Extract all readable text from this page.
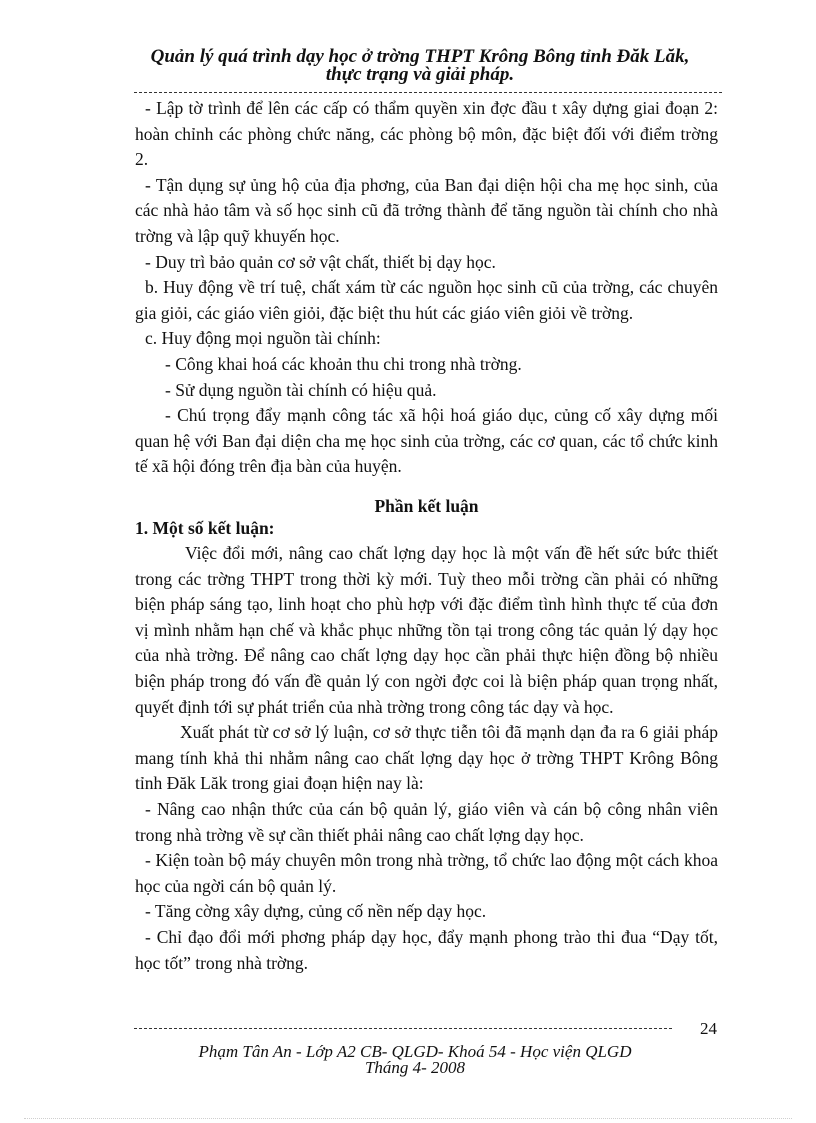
Quản lý quá trình dạy học ở trờng THPT Krông Bông tỉnh Đăk Lăk,
thực trạng và giải pháp.

- Lập tờ trình để lên các cấp có thẩm quyền xin đợc đầu t xây dựng giai đoạn 2: hoàn chỉnh các phòng chức năng, các phòng bộ môn, đặc biệt đối với điểm trờng 2.

- Tận dụng sự ủng hộ của địa phơng, của Ban đại diện hội cha mẹ học sinh, của các nhà hảo tâm và số học sinh cũ đã trởng thành để tăng nguồn tài chính cho nhà trờng và lập quỹ khuyến học.

- Duy trì bảo quản cơ sở vật chất, thiết bị dạy học.

b. Huy động về trí tuệ, chất xám từ các nguồn học sinh cũ của trờng, các chuyên gia giỏi, các giáo viên giỏi, đặc biệt thu hút các giáo viên giỏi về trờng.

c. Huy động mọi nguồn tài chính:

- Công khai hoá các khoản thu chi trong nhà trờng.

- Sử dụng nguồn tài chính có hiệu quả.

- Chú trọng đẩy mạnh công tác xã hội hoá giáo dục, củng cố xây dựng mối quan hệ với Ban đại diện cha mẹ học sinh của trờng, các cơ quan, các tổ chức kinh tế xã hội đóng trên địa bàn của huyện.

Phần kết luận

1. Một số kết luận:

Việc đổi mới, nâng cao chất lợng dạy học là một vấn đề hết sức bức thiết trong các trờng THPT trong thời kỳ mới. Tuỳ theo mỗi trờng cần phải có những biện pháp sáng tạo, linh hoạt cho phù hợp với đặc điểm tình hình thực tế của đơn vị mình nhằm hạn chế và khắc phục những tồn tại trong công tác quản lý dạy học của nhà trờng. Để nâng cao chất lợng dạy học cần phải thực hiện đồng bộ nhiều biện pháp trong đó vấn đề quản lý con ngời đợc coi là biện pháp quan trọng nhất, quyết định tới sự phát triển của nhà trờng trong công tác dạy và học.

Xuất phát từ cơ sở lý luận, cơ sở thực tiễn tôi đã mạnh dạn đa ra 6 giải pháp mang tính khả thi nhằm nâng cao chất lợng dạy học ở trờng THPT Krông Bông tỉnh Đăk Lăk trong giai đoạn hiện nay là:

- Nâng cao nhận thức của cán bộ quản lý, giáo viên và cán bộ công nhân viên trong nhà trờng về sự cần thiết phải nâng cao chất lợng dạy học.

- Kiện toàn bộ máy chuyên môn trong nhà trờng, tổ chức lao động một cách khoa học của ngời cán bộ quản lý.

- Tăng cờng xây dựng, củng cố nền nếp dạy học.

- Chỉ đạo đổi mới phơng pháp dạy học, đẩy mạnh phong trào thi đua “Dạy tốt, học tốt” trong nhà trờng.

24
Phạm Tân An - Lớp A2 CB- QLGD- Khoá 54 - Học viện QLGD
Tháng 4- 2008
